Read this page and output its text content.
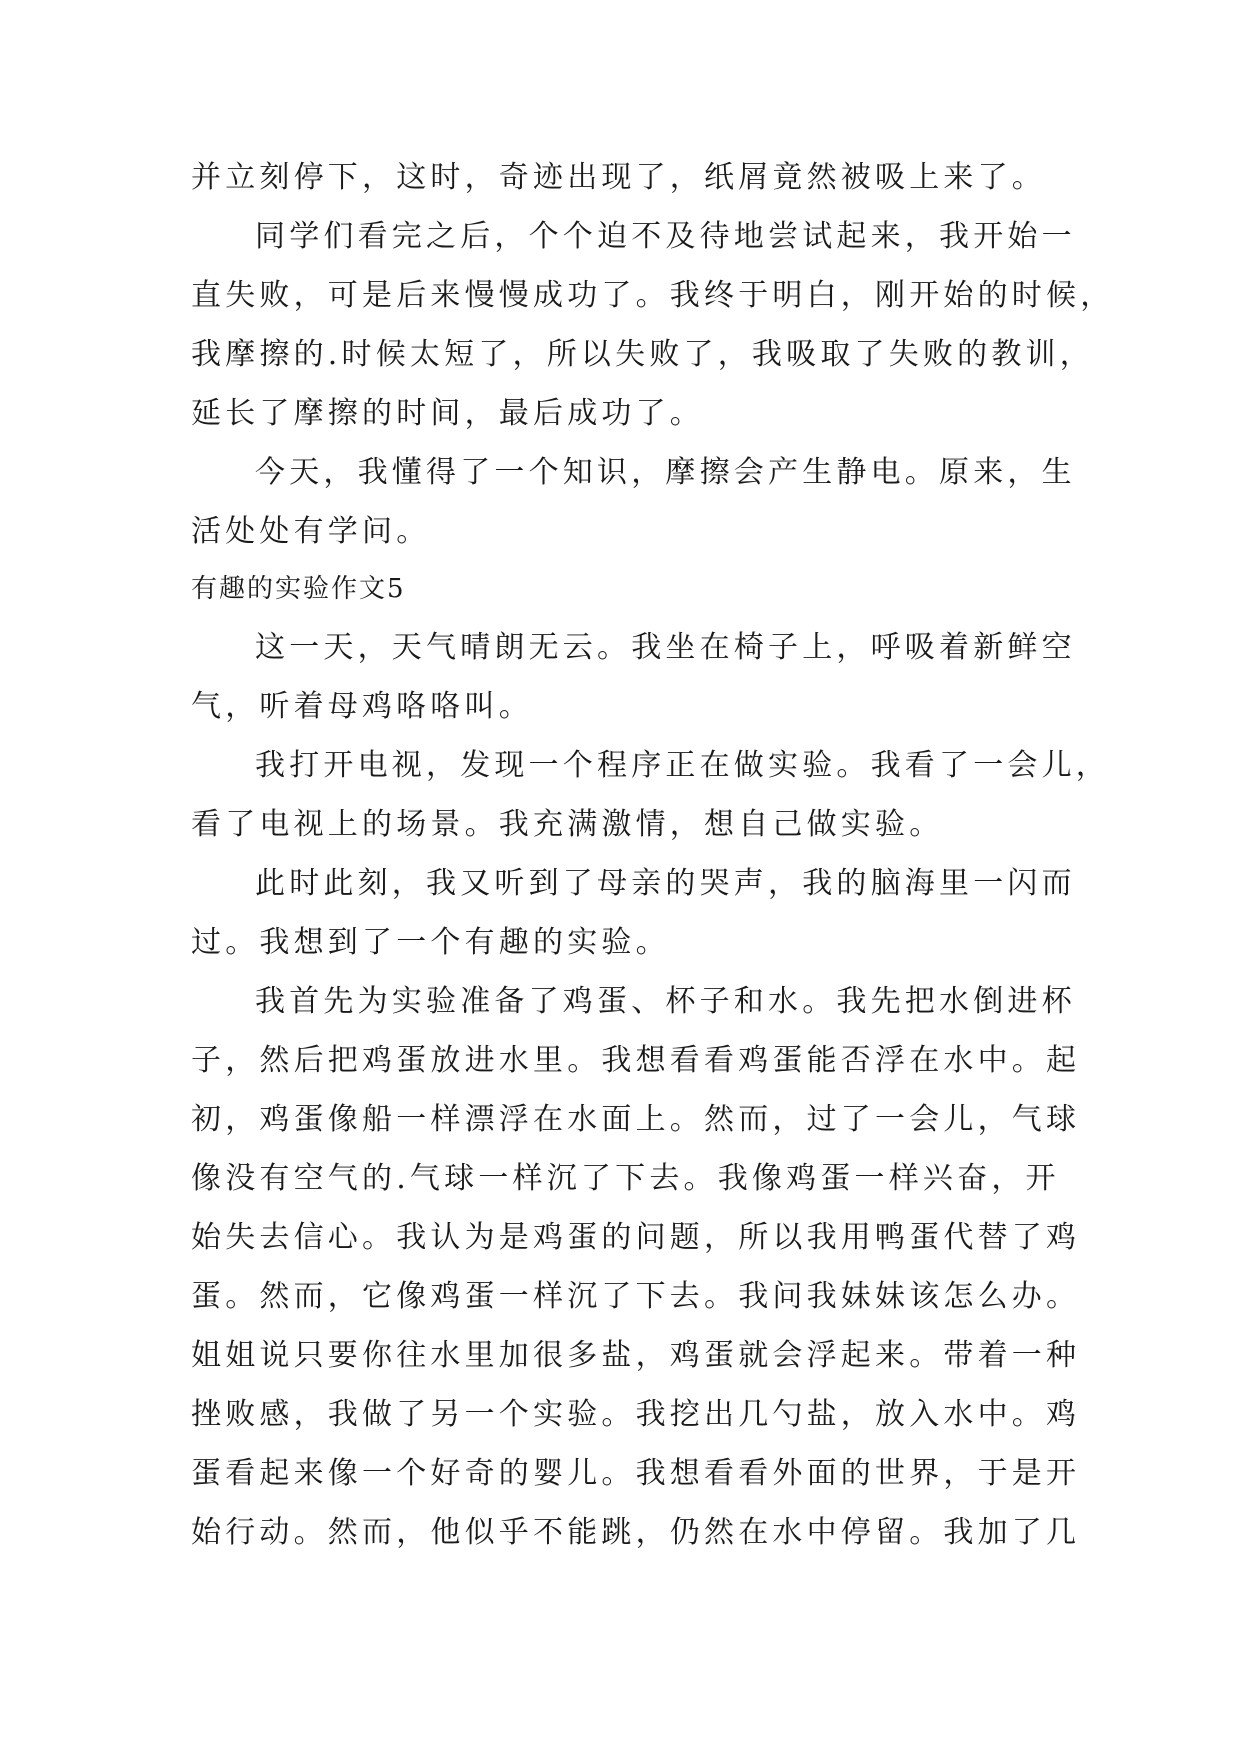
并立刻停下，这时，奇迹出现了，纸屑竟然被吸上来了。
同学们看完之后，个个迫不及待地尝试起来，我开始一
直失败，可是后来慢慢成功了。我终于明白，刚开始的时候，
我摩擦的.时候太短了，所以失败了，我吸取了失败的教训，
延长了摩擦的时间，最后成功了。
今天，我懂得了一个知识，摩擦会产生静电。原来，生
活处处有学问。
有趣的实验作文5
这一天，天气晴朗无云。我坐在椅子上，呼吸着新鲜空
气，听着母鸡咯咯叫。
我打开电视，发现一个程序正在做实验。我看了一会儿，
看了电视上的场景。我充满激情，想自己做实验。
此时此刻，我又听到了母亲的哭声，我的脑海里一闪而
过。我想到了一个有趣的实验。
我首先为实验准备了鸡蛋、杯子和水。我先把水倒进杯
子，然后把鸡蛋放进水里。我想看看鸡蛋能否浮在水中。起
初，鸡蛋像船一样漂浮在水面上。然而，过了一会儿，气球
像没有空气的.气球一样沉了下去。我像鸡蛋一样兴奋，开
始失去信心。我认为是鸡蛋的问题，所以我用鸭蛋代替了鸡
蛋。然而，它像鸡蛋一样沉了下去。我问我妹妹该怎么办。
姐姐说只要你往水里加很多盐，鸡蛋就会浮起来。带着一种
挫败感，我做了另一个实验。我挖出几勺盐，放入水中。鸡
蛋看起来像一个好奇的婴儿。我想看看外面的世界，于是开
始行动。然而，他似乎不能跳，仍然在水中停留。我加了几
